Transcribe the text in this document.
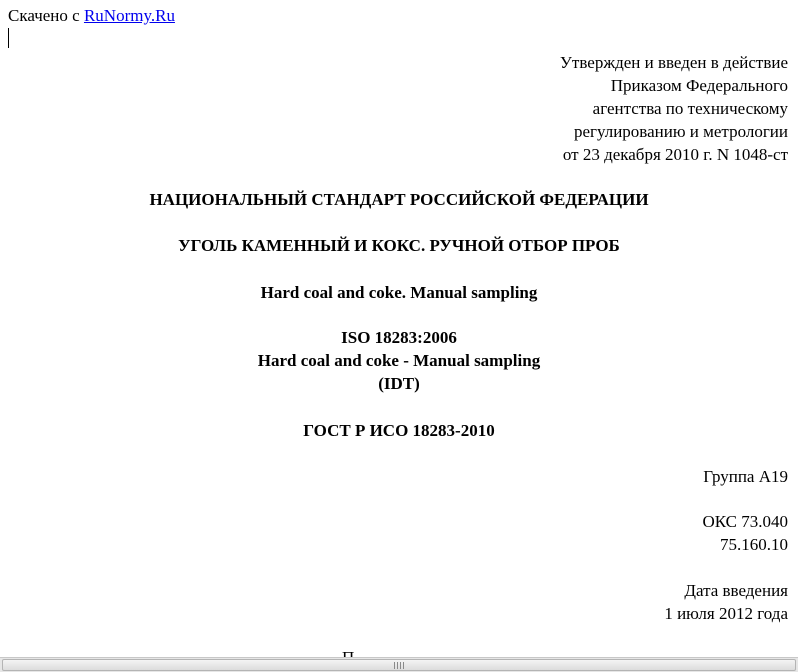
Скачено с RuNormy.Ru
Утвержден и введен в действие
Приказом Федерального
агентства по техническому
регулированию и метрологии
от 23 декабря 2010 г. N 1048-ст
НАЦИОНАЛЬНЫЙ СТАНДАРТ РОССИЙСКОЙ ФЕДЕРАЦИИ
УГОЛЬ КАМЕННЫЙ И КОКС. РУЧНОЙ ОТБОР ПРОБ
Hard coal and coke. Manual sampling
ISO 18283:2006
Hard coal and coke - Manual sampling
(IDT)
ГОСТ Р ИСО 18283-2010
Группа А19
ОКС 73.040
75.160.10
Дата введения
1 июля 2012 года
